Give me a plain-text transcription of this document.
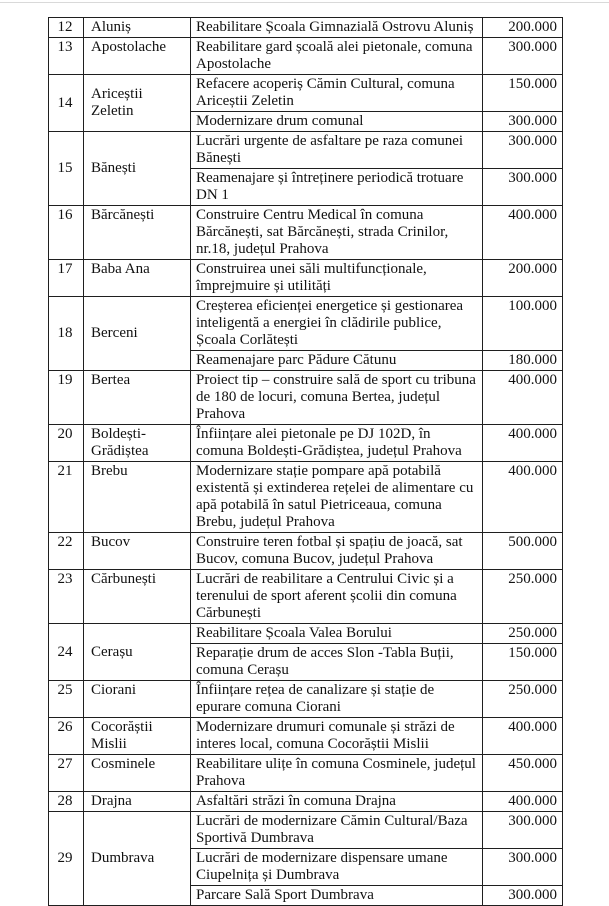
12	Aluniș	Reabilitare Școala Gimnazială Ostrovu Aluniș	200.000
13	Apostolache	Reabilitare gard școală alei pietonale, comuna Apostolache	300.000
14	Ariceștii Zeletin	Refacere acoperiș Cămin Cultural, comuna Ariceștii Zeletin	150.000
		Modernizare drum comunal	300.000
15	Bănești	Lucrări urgente de asfaltare pe raza comunei Bănești	300.000
		Reamenajare și întreținere periodică trotuare DN 1	300.000
16	Bărcănești	Construire Centru Medical în comuna Bărcănești, sat Bărcănești, strada Crinilor, nr.18, județul Prahova	400.000
17	Baba Ana	Construirea unei săli multifuncționale, împrejmuire și utilități	200.000
18	Berceni	Creșterea eficienței energetice și gestionarea inteligentă a energiei în clădirile publice, Școala Corlătești	100.000
		Reamenajare parc Pădure Cătunu	180.000
19	Bertea	Proiect tip – construire sală de sport cu tribuna de 180 de locuri, comuna Bertea, județul Prahova	400.000
20	Boldești-Grădiștea	Înființare alei pietonale pe DJ 102D, în comuna Boldești-Grădiștea, județul Prahova	400.000
21	Brebu	Modernizare stație pompare apă potabilă existentă și extinderea rețelei de alimentare cu apă potabilă în satul Pietriceaua, comuna Brebu, județul Prahova	400.000
22	Bucov	Construire teren fotbal și spațiu de joacă, sat Bucov, comuna Bucov, județul Prahova	500.000
23	Cărbunești	Lucrări de reabilitare a Centrului Civic și a terenului de sport aferent școlii din comuna Cărbunești	250.000
24	Cerașu	Reabilitare Școala Valea Borului	250.000
		Reparație drum de acces Slon -Tabla Buții, comuna Cerașu	150.000
25	Ciorani	Înființare rețea de canalizare și stație de epurare comuna Ciorani	250.000
26	Cocorăștii Mislii	Modernizare drumuri comunale și străzi de interes local, comuna Cocorăștii Mislii	400.000
27	Cosminele	Reabilitare ulițe în comuna Cosminele, județul Prahova	450.000
28	Drajna	Asfaltări străzi în comuna Drajna	400.000
29	Dumbrava	Lucrări de modernizare Cămin Cultural/Baza Sportivă Dumbrava	300.000
		Lucrări de modernizare dispensare umane Ciupelnița și Dumbrava	300.000
		Parcare Sală Sport Dumbrava	300.000
